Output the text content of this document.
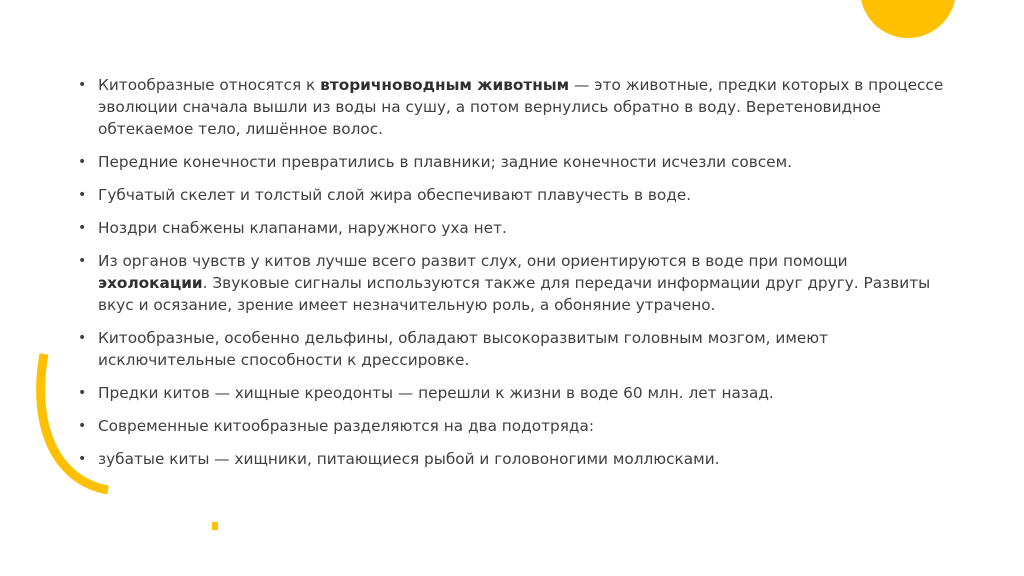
• Китообразные относятся к вторичноводным животным — это животные, предки которых в процессе эволюции сначала вышли из воды на сушу, а потом вернулись обратно в воду. Веретеновидное обтекаемое тело, лишённое волос.
• Передние конечности превратились в плавники; задние конечности исчезли совсем.
• Губчатый скелет и толстый слой жира обеспечивают плавучесть в воде.
• Ноздри снабжены клапанами, наружного уха нет.
• Из органов чувств у китов лучше всего развит слух, они ориентируются в воде при помощи эхолокации. Звуковые сигналы используются также для передачи информации друг другу. Развиты вкус и осязание, зрение имеет незначительную роль, а обоняние утрачено.
• Китообразные, особенно дельфины, обладают высокоразвитым головным мозгом, имеют исключительные способности к дрессировке.
• Предки китов — хищные креодонты — перешли к жизни в воде 60 млн. лет назад.
• Современные китообразные разделяются на два подотряда:
• зубатые киты — хищники, питающиеся рыбой и головоногими моллюсками.
